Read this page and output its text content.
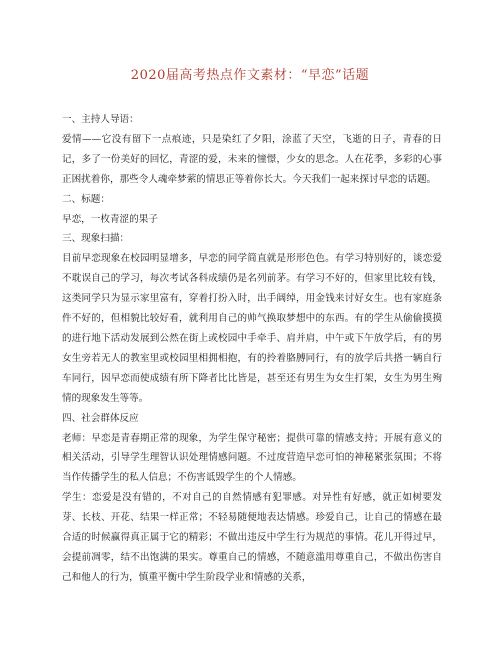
2020届高考热点作文素材：“早恋”话题

一、主持人导语：

爱情——它没有留下一点痕迹，只是染红了夕阳，涂蓝了天空，飞逝的日子，青春的日记，多了一份美好的回忆，青涩的爱，未来的憧憬，少女的思念。人在花季，多彩的心事正困扰着你，那些令人魂牵梦萦的情思正等着你长大。今天我们一起来探讨早恋的话题。

二、标题：

早恋，一枚青涩的果子

三、现象扫描：

目前早恋现象在校园明显增多，早恋的同学简直就是形形色色。有学习特别好的，谈恋爱不耽误自己的学习，每次考试各科成绩仍是名列前茅。有学习不好的，但家里比较有钱，这类同学只为显示家里富有，穿着打扮入时，出手阔绰，用金钱来讨好女生。也有家庭条件不好的，但相貌比较好看，就利用自己的帅气换取梦想中的东西。有的学生从偷偷摸摸的进行地下活动发展到公然在街上或校园中手牵手、肩并肩，中午或下午放学后，有的男女生旁若无人的教室里或校园里相拥相抱，有的拎着胳膊同行，有的放学后共搭一辆自行车同行，因早恋而使成绩有所下降者比比皆是，甚至还有男生为女生打架，女生为男生殉情的现象发生等等。

四、社会群体反应

老师：早恋是青春期正常的现象，为学生保守秘密；提供可靠的情感支持；开展有意义的相关活动，引导学生理智认识处理情感问题。不过度营造早恋可怕的神秘紧张氛围；不将当作传播学生的私人信息；不伤害诋毁学生的个人情感。

学生：恋爱是没有错的，不对自己的自然情感有犯罪感。对异性有好感，就正如树要发芽、长枝、开花、结果一样正常；不轻易随便地表达情感。珍爱自己，让自己的情感在最合适的时候赢得真正属于它的精彩；不做出违反中学生行为规范的事情。花儿开得过早，会提前凋零，结不出饱满的果实。尊重自己的情感，不随意滥用尊重自己，不做出伤害自己和他人的行为，慎重平衡中学生阶段学业和情感的关系，
